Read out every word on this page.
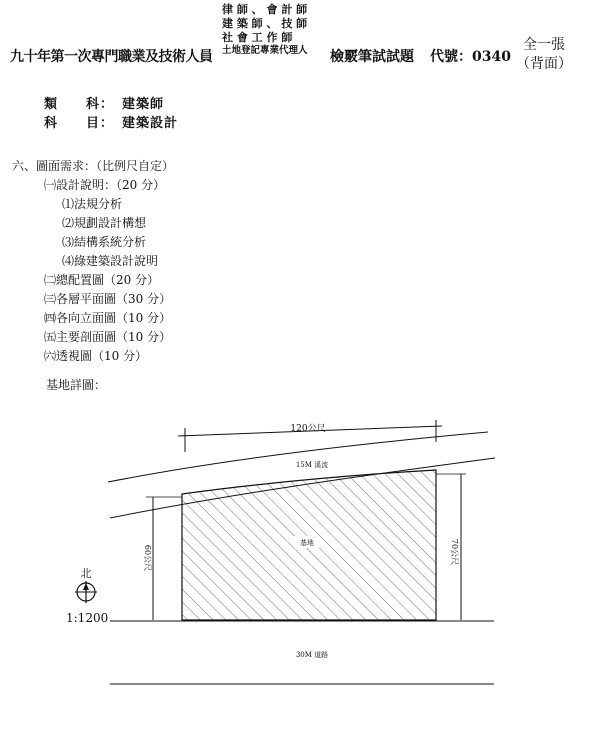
九十年第一次專門職業及技術人員
律 師 、 會 計 師
建 築 師 、 技 師
社 會 工 作 師
土地登記專業代理人 檢覈筆試試題 代號：0340
全一張
（背面）
類　　科： 建築師
科　　目： 建築設計
六、圖面需求：（比例尺自定）
㈠設計說明：（20 分）
⑴法規分析
⑵規劃設計構想
⑶結構系統分析
⑷綠建築設計說明
㈡總配置圖（20 分）
㈢各層平面圖（30 分）
㈣各向立面圖（10 分）
㈤主要剖面圖（10 分）
㈥透視圖（10 分）
基地詳圖：
120公尺
15M 溪流
基地
60公尺	70公尺
30M 道路
北
1:1200
